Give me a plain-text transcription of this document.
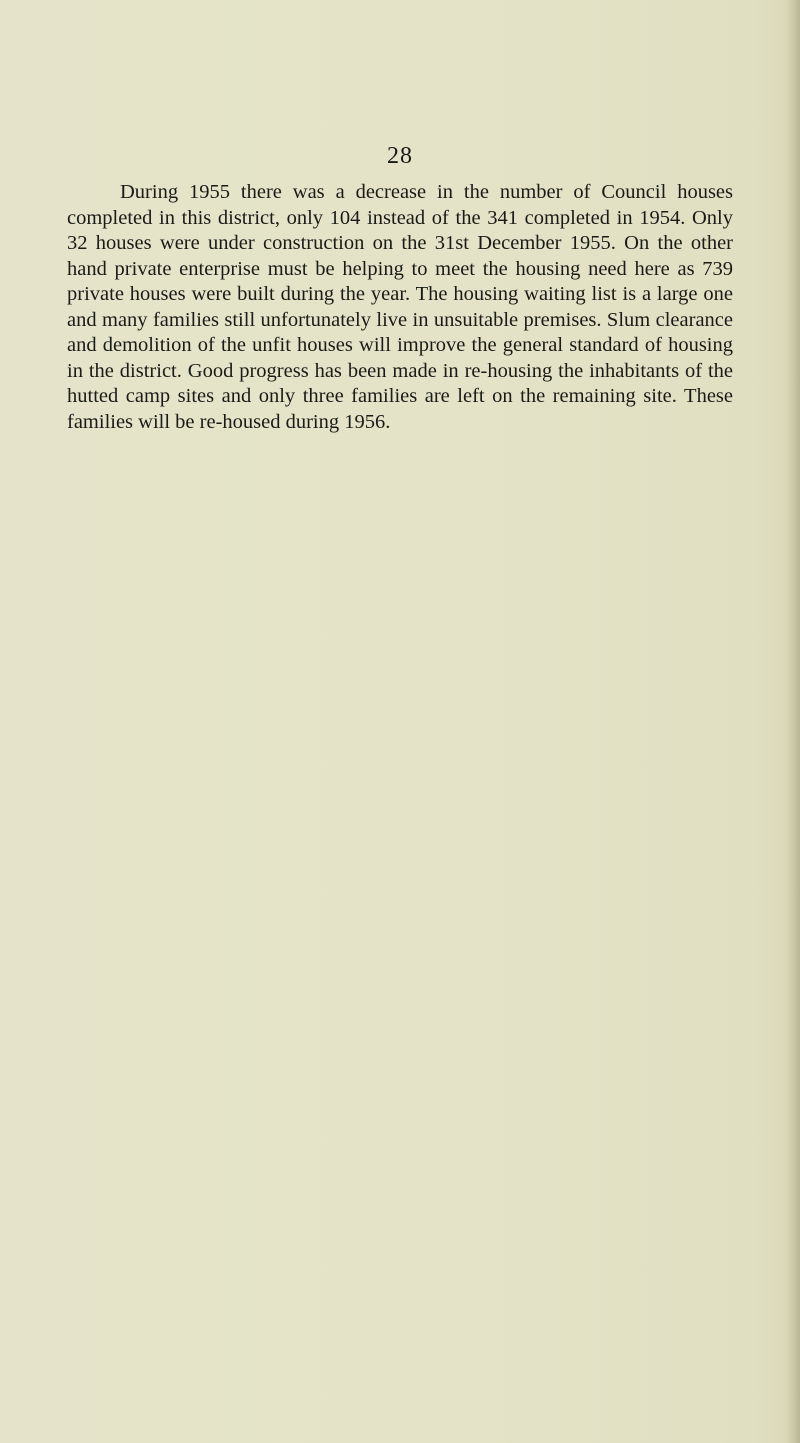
28

During 1955 there was a decrease in the number of Council houses completed in this district, only 104 instead of the 341 completed in 1954. Only 32 houses were under construction on the 31st December 1955. On the other hand private enterprise must be helping to meet the housing need here as 739 private houses were built during the year. The housing waiting list is a large one and many families still unfortunately live in unsuitable premises. Slum clearance and demolition of the unfit houses will improve the general standard of housing in the district. Good progress has been made in re-housing the inhabitants of the hutted camp sites and only three families are left on the remaining site. These families will be re-housed during 1956.
